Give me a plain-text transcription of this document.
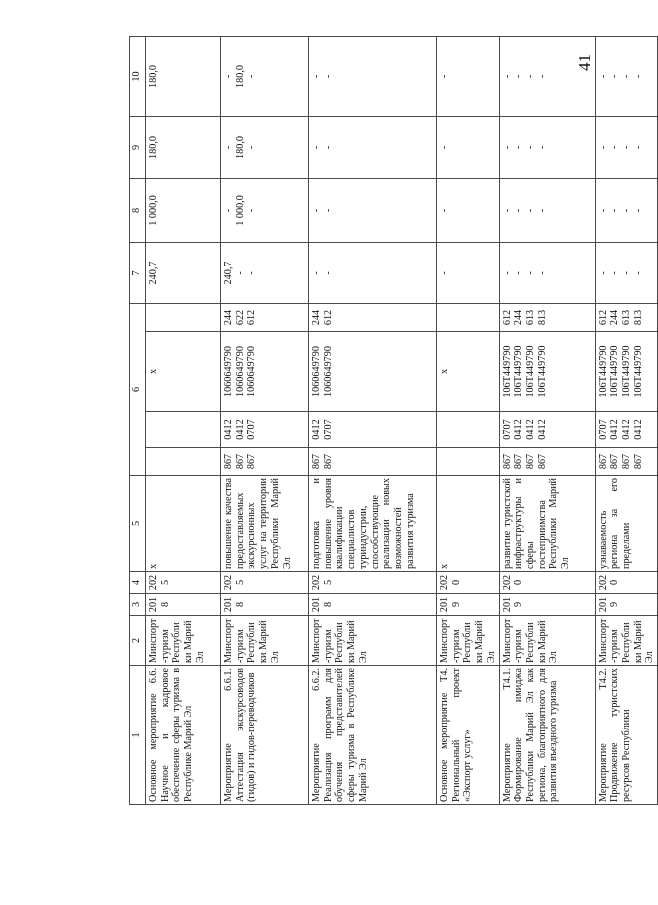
41
1	2	3	4	5	6				7	8	9	10
Основное мероприятие 6.6. Научное и кадровое обеспечение сферы туризма в Республике Марий Эл	Минспорт-туризм Республики Марий Эл	2018	2025	х			х		240,7	1 000,0	180,0	180,0

Мероприятие 6.6.1. Аттестация экскурсоводов (гидов) и гидов-переводчиков	Минспорт-туризм Республики Марий Эл	2018	2025	повышение качества предоставляемых экскурсионных услуг на территории Республики Марий Эл	867 867 867	0412 0412 0707	1060649790 1060649790 1060649790	244 622 612	240,7 - -	- 1 000,0 -	- 180,0 -	- 180,0 -

Мероприятие 6.6.2. Реализация программ для обучения представителей сферы туризма в Республике Марий Эл	Минспорт-туризм Республики Марий Эл	2018	2025	подготовка и повышение уровня квалификации специалистов туриндустрии, способствующие реализации новых возможностей развития туризма	867 867	0412 0707	1060649790 1060649790	244 612	- -	- -	- -	- -

Основное мероприятие Т4. Региональный проект «Экспорт услуг»	Минспорт-туризм Республики Марий Эл	2019	2020	х			х		-	-	-	-

Мероприятие Т4.1. Формирование имиджа Республики Марий Эл как региона, благоприятного для развития въездного туризма	Минспорт-туризм Республики Марий Эл	2019	2020	развитие туристской инфраструктуры и сферы гостеприимства Республики Марий Эл	867 867 867 867	0707 0412 0412 0412	106Т449790 106Т449790 106Т449790 106Т449790	612 244 613 813	- - - -	- - - -	- - - -	- - - -

Мероприятие Т4.2. Продвижение туристских ресурсов Республики	Минспорт-туризм Республики Марий Эл	2019	2020	узнаваемость региона за его пределами	867 867 867 867	0707 0412 0412 0412	106Т449790 106Т449790 106Т449790 106Т449790	612 244 613 813	- - - -	- - - -	- - - -	- - - -
